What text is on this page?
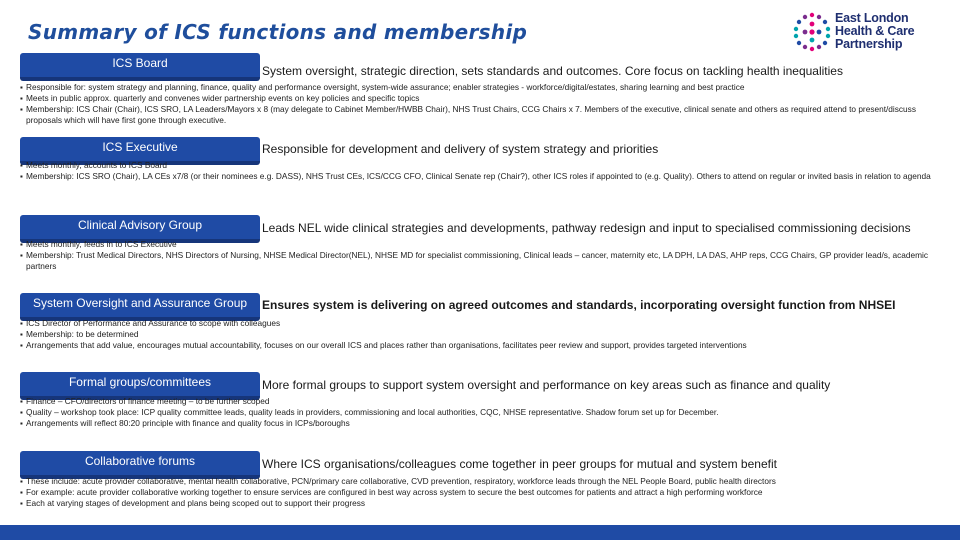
Summary of ICS functions and membership
East London
Health & Care
Partnership
ICS Board
System oversight, strategic direction, sets standards and outcomes. Core focus on tackling health inequalities
▪ Responsible for: system strategy and planning, finance, quality and performance oversight, system-wide assurance; enabler strategies - workforce/digital/estates, sharing learning and best practice
▪ Meets in public approx. quarterly and convenes wider partnership events on key policies and specific topics
▪ Membership: ICS Chair (Chair), ICS SRO, LA Leaders/Mayors x 8 (may delegate to Cabinet Member/HWBB Chair), NHS Trust Chairs, CCG Chairs x 7. Members of the executive, clinical senate and others as required attend to present/discuss proposals which will have first gone through executive.
ICS Executive	Responsible for development and delivery of system strategy and priorities
▪ Meets monthly, accounts to ICS Board
▪ Membership: ICS SRO (Chair), LA CEs x7/8 (or their nominees e.g. DASS), NHS Trust CEs, ICS/CCG CFO, Clinical Senate rep (Chair?), other ICS roles if appointed to (e.g. Quality). Others to attend on regular or invited basis in relation to agenda
Clinical Advisory Group	Leads NEL wide clinical strategies and developments, pathway redesign and input to specialised commissioning decisions
▪ Meets monthly, feeds in to ICS Executive
▪ Membership: Trust Medical Directors, NHS Directors of Nursing, NHSE Medical Director(NEL), NHSE MD for specialist commissioning, Clinical leads – cancer, maternity etc, LA DPH, LA DAS, AHP reps, CCG Chairs, GP provider lead/s, academic partners
System Oversight and Assurance Group	Ensures system is delivering on agreed outcomes and standards, incorporating oversight function from NHSEI
▪ ICS Director of Performance and Assurance to scope with colleagues
▪ Membership: to be determined
▪ Arrangements that add value, encourages mutual accountability, focuses on our overall ICS and places rather than organisations, facilitates peer review and support, provides targeted interventions
Formal groups/committees	More formal groups to support system oversight and performance on key areas such as finance and quality
▪ Finance – CFO/directors of finance meeting – to be further scoped
▪ Quality – workshop took place: ICP quality committee leads, quality leads in providers, commissioning and local authorities, CQC, NHSE representative. Shadow forum set up for December.
▪ Arrangements will reflect 80:20 principle with finance and quality focus in ICPs/boroughs
Collaborative forums	Where ICS organisations/colleagues come together in peer groups for mutual and system benefit
▪ These include: acute provider collaborative, mental health collaborative, PCN/primary care collaborative, CVD prevention, respiratory, workforce leads through the NEL People Board, public health directors
▪ For example: acute provider collaborative working together to ensure services are configured in best way across system to secure the best outcomes for patients and attract a high performing workforce
▪ Each at varying stages of development and plans being scoped out to support their progress
